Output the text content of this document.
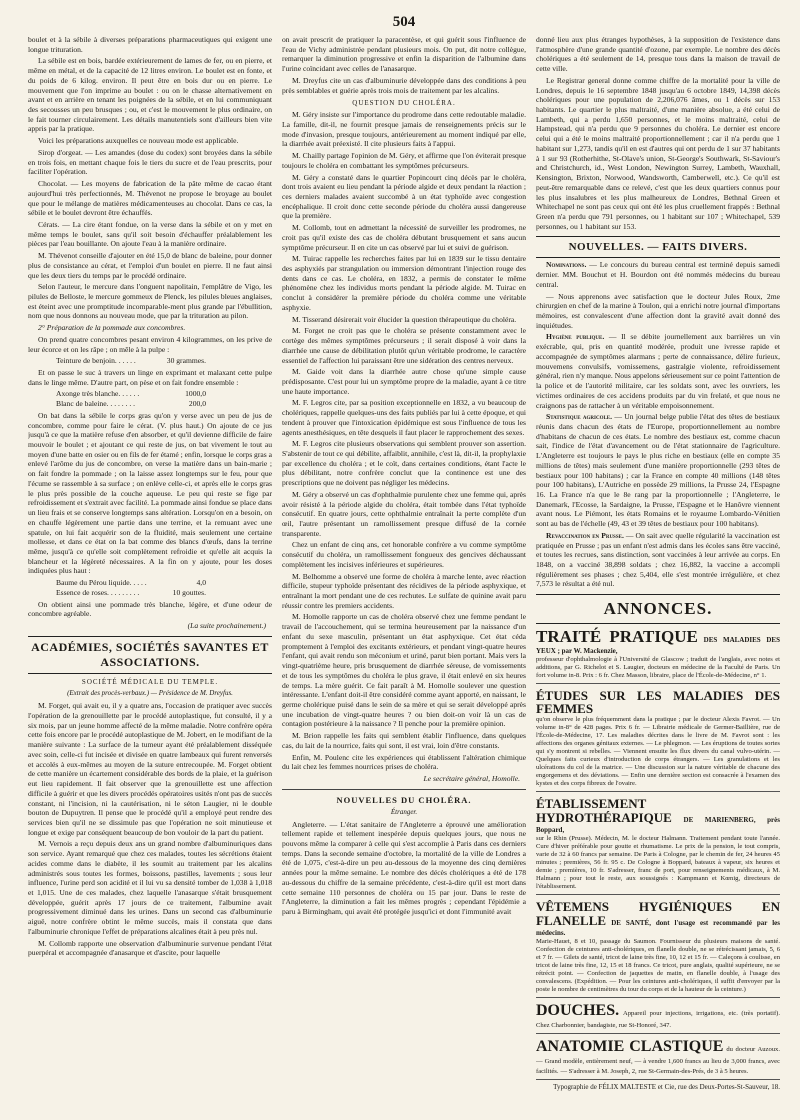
504

boulet et à la sébile à diverses préparations pharmaceutiques qui exigent une longue trituration.

La sébile est en bois, bardée extérieurement de lames de fer, ou en pierre, et même en métal, et de la capacité de 12 litres environ. Le boulet est en fonte, et du poids de 6 kilog. environ. Il peut être en bois dur ou en pierre. Le mouvement que l'on imprime au boulet : ou on le chasse alternativement en avant et en arrière en tenant les poignées de la sébile, et en lui communiquant des secousses un peu brusques ; ou, et c'est le mouvement le plus ordinaire, on le fait tourner circulairement. Les détails manutentiels sont d'ailleurs bien vite appris par la pratique.

Voici les préparations auxquelles ce nouveau mode est applicable.

Sirop d'orgeat. — Les amandes (dose du codex) sont broyées dans la sébile en trois fois, en mettant chaque fois le tiers du sucre et de l'eau prescrits, pour faciliter l'opération.

Chocolat. — Les moyens de fabrication de la pâte même de cacao étant aujourd'hui très perfectionnés, M. Thévenot ne propose le broyage au boulet que pour le mélange de matières médicamenteuses au chocolat. Dans ce cas, la sébile et le boulet devront être échauffés.

Cérats. — La cire étant fondue, on la verse dans la sébile et on y met en même temps le boulet, sans qu'il soit besoin d'échauffer préalablement les pièces par l'eau bouillante. On ajoute l'eau à la manière ordinaire.

M. Thévenot conseille d'ajouter en été 15,0 de blanc de baleine, pour donner plus de consistance au cérat, et l'emploi d'un boulet en pierre. Il ne faut ainsi que les deux tiers du temps par le procédé ordinaire.

Selon l'auteur, le mercure dans l'onguent napolitain, l'emplâtre de Vigo, les pilules de Belloste, le mercure gommeux de Plenck, les pilules bleues anglaises, est éteint avec une promptitude incomparable-ment plus grande par l'ébullition, nom que nous donnons au nouveau mode, que par la trituration au pilon.

2° Préparation de la pommade aux concombres.

On prend quatre concombres pesant environ 4 kilogrammes, on les prive de leur écorce et on les râpe ; on mêle à la pulpe :

Teinture de benjoin. . . . . .	30 grammes.

Et on passe le suc à travers un linge en exprimant et malaxant cette pulpe dans le linge même. D'autre part, on pèse et on fait fondre ensemble :

Axonge très blanche. . . . . .	1000,0
Blanc de baleine. . . . . . . .	200,0

On bat dans la sébile le corps gras qu'on y verse avec un peu de jus de concombre, comme pour faire le cérat. (V. plus haut.) On ajoute de ce jus jusqu'à ce que la matière refuse d'en absorber, et qu'il devienne difficile de faire mouvoir le boulet ; et ajoutant ce qui reste de jus, on bat vivement le tout au moyen d'une batte en osier ou en fils de fer étamé ; enfin, lorsque le corps gras a enlevé l'arôme du jus de concombre, on verse la matière dans un bain-marie ; on fait fondre la pommade ; on la laisse assez longtemps sur le feu, pour que l'écume se rassemble à sa surface ; on enlève celle-ci, et après elle le corps gras le plus près possible de la couche aqueuse. Le peu qui reste se fige par refroidissement et s'extrait avec facilité. La pommade ainsi fondue se place dans un lieu frais et se conserve longtemps sans altération. Lorsqu'on en a besoin, on en chauffe légèrement une partie dans une terrine, et la remuant avec une spatule, on lui fait acquérir son de la fluidité, mais seulement une certaine mollesse, et dans ce état on la bat comme des blancs d'œufs, dans la terrine même, jusqu'à ce qu'elle soit complètement refroidie et qu'elle ait acquis la blancheur et la légèreté nécessaires. A la fin on y ajoute, pour les doses indiquées plus haut :

Baume du Pérou liquide. . . . .	4,0
Essence de roses. . . . . . . . .	10 gouttes.

On obtient ainsi une pommade très blanche, légère, et d'une odeur de concombre agréable.

(La suite prochainement.)
ACADÉMIES, SOCIÉTÉS SAVANTES ET ASSOCIATIONS.
SOCIÉTÉ MÉDICALE DU TEMPLE.
(Extrait des procès-verbaux.) — Présidence de M. Dreyfus.

M. Forget, qui avait eu, il y a quatre ans, l'occasion de pratiquer avec succès l'opération de la grenouillette par le procédé autoplastique, fut consulté, il y a six mois, par un jeune homme affecté de la même maladie. Notre confrère opéra cette fois encore par le procédé autoplastique de M. Jobert, en le modifiant de la manière suivante : La surface de la tumeur ayant été préalablement disséquée avec soin, celle-ci fut incisée et divisée en quatre lambeaux qui furent renversés et accolés à eux-mêmes au moyen de la suture entrecoupée. M. Forget obtient de cette manière un écartement considérable des bords de la plaie, et la guérison eut lieu rapidement. Il fait observer que la grenouillette est une affection difficile à guérir et que les divers procédés opératoires usités n'ont pas de succès constant, ni l'incision, ni la cautérisation, ni le séton Laugier, ni le double bouton de Dupuytren. Il pense que le procédé qu'il a employé peut rendre des services bien qu'il ne se dissimule pas que l'opération ne soit minutieuse et longue et exige par conséquent beaucoup de bon vouloir de la part du patient.

M. Vernois a reçu depuis deux ans un grand nombre d'albuminuriques dans son service. Ayant remarqué que chez ces malades, toutes les sécrétions étaient acides comme dans le diabète, il les soumit au traitement par les alcalins administrés sous toutes les formes, boissons, pastilles, lavements ; sous leur influence, l'urine perd son acidité et il lui vu sa densité tomber de 1,038 à 1,018 et 1,015. Une de ces malades, chez laquelle l'anasarque s'était brusquement développée, guérit après 17 jours de ce traitement, l'albumine avait progressivement diminué dans les urines. Dans un second cas d'albuminurie aiguë, notre confrère obtint le même succès, mais il constata que dans l'albuminurie chronique l'effet de préparations alcalines était à peu près nul.

M. Collomb rapporte une observation d'albuminurie survenue pendant l'état puerpéral et accompagnée d'anasarque et d'ascite, pour laquelle

on avait prescrit de pratiquer la paracentèse, et qui guérit sous l'influence de l'eau de Vichy administrée pendant plusieurs mois. On put, dit notre collègue, remarquer la diminution progressive et enfin la disparition de l'albumine dans l'urine coïncidant avec celles de l'anasarque.

M. Dreyfus cite un cas d'albuminurie développée dans des conditions à peu près semblables et guérie après trois mois de traitement par les alcalins.

QUESTION DU CHOLÉRA.

M. Géry insiste sur l'importance du prodrome dans cette redoutable maladie. La famille, dit-il, ne fournit presque jamais de renseignements précis sur le mode d'invasion, presque toujours, antérieurement au moment indiqué par elle, la diarrhée avait préexisté. Il cite plusieurs faits à l'appui.

M. Chailly partage l'opinion de M. Géry, et affirme que l'on éviterait presque toujours le choléra en combattant les symptômes précurseurs.

M. Géry a constaté dans le quartier Popincourt cinq décès par le choléra, dont trois avaient eu lieu pendant la période algide et deux pendant la réaction ; ces derniers malades avaient succombé à un état typhoïde avec congestion encéphalique. Il croit donc cette seconde période du choléra aussi dangereuse que la première.

M. Collomb, tout en admettant la nécessité de surveiller les prodromes, ne croit pas qu'il existe des cas de choléra débutant brusquement et sans aucun symptôme précurseur. Il en cite un cas observé par lui et suivi de guérison.

M. Tuirac rappelle les recherches faites par lui en 1839 sur le tissu dentaire des asphyxiés par strangulation ou immersion démontrant l'injection rouge des dents dans ce cas. Le choléra, en 1832, a permis de constater le même phénomène chez les individus morts pendant la période algide. M. Tuirac en conclut à considérer la première période du choléra comme une véritable asphyxie.

M. Tisserand désirerait voir élucider la question thérapeutique du choléra.

M. Forget ne croit pas que le choléra se présente constamment avec le cortège des mêmes symptômes précurseurs ; il serait disposé à voir dans la diarrhée une cause de débilitation plutôt qu'un véritable prodrome, le caractère essentiel de l'affection lui paraissant être une sidération des centres nerveux.

M. Gaide voit dans la diarrhée autre chose qu'une simple cause prédisposante. C'est pour lui un symptôme propre de la maladie, ayant à ce titre une haute importance.

M. F. Legros cite, par sa position exceptionnelle en 1832, a vu beaucoup de cholériques, rappelle quelques-uns des faits publiés par lui à cette époque, et qui tendent à prouver que l'intoxication épidémique est sous l'influence de tous les agents anesthésiques, en tête desquels il faut placer le rapprochement des sexes.

M. F. Legros cite plusieurs observations qui semblent prouver son assertion. S'abstenir de tout ce qui débilite, affaiblit, annihile, c'est là, dit-il, la prophylaxie par excellence du choléra ; et le coït, dans certaines conditions, étant l'acte le plus débilitant, notre confrère conclut que la continence est une des prescriptions que ne doivent pas négliger les médecins.

M. Géry a observé un cas d'ophthalmie purulente chez une femme qui, après avoir résisté à la période algide du choléra, était tombée dans l'état typhoïde consécutif. En quatre jours, cette ophthalmie entraînait la perte complète d'un œil, l'autre présentant un ramollissement presque diffusé de la cornée transparente.

Chez un enfant de cinq ans, cet honorable confrère a vu comme symptôme consécutif du choléra, un ramollissement fongueux des gencives déchaussant complètement les incisives inférieures et supérieures.

M. Belhomme a observé une forme de choléra à marche lente, avec réaction difficile, stupeur typhoïde présentant des récidives de la période asphyxique, et entraînant la mort pendant une de ces rechutes. Le sulfate de quinine avait paru réussir contre les premiers accidents.

M. Homolle rapporte un cas de choléra observé chez une femme pendant le travail de l'accouchement, qui se termina heureusement par la naissance d'un enfant du sexe masculin, présentant un état asphyxique. Cet état céda promptement à l'emploi des excitants extérieurs, et pendant vingt-quatre heures l'enfant, qui avait rendu son méconium et uriné, parut bien portant. Mais vers la vingt-quatrième heure, pris brusquement de diarrhée séreuse, de vomissements et de tous les symptômes du choléra le plus grave, il était enlevé en six heures de temps. La mère guérit. Ce fait paraît à M. Homolle soulever une question intéressante. L'enfant doit-il être considéré comme ayant apporté, en naissant, le germe cholérique puisé dans le sein de sa mère et qui se serait développé après une incubation de vingt-quatre heures ? ou bien doit-on voir là un cas de contagion postérieure à la naissance ? Il penche pour la première opinion.

M. Brion rappelle les faits qui semblent établir l'influence, dans quelques cas, du lait de la nourrice, faits qui sont, il est vrai, loin d'être constants.

Enfin, M. Poulenc cite les expériences qui établissent l'altération chimique du lait chez les femmes nourrices prises de choléra.

Le secrétaire général, Homolle.
NOUVELLES DU CHOLÉRA.
Étranger.

Angleterre. — L'état sanitaire de l'Angleterre a éprouvé une amélioration tellement rapide et tellement inespérée depuis quelques jours, que nous ne pouvons même la comparer à celle qui s'est accomplie à Paris dans ces derniers temps. Dans la seconde semaine d'octobre, la mortalité de la ville de Londres a été de 1,075, c'est-à-dire un peu au-dessous de la moyenne des cinq dernières années pour la même semaine. Le nombre des décès cholériques a été de 178 au-dessous du chiffre de la semaine précédente, c'est-à-dire qu'il est mort dans cette semaine 110 personnes de choléra ou 15 par jour. Dans le reste de l'Angleterre, la diminution a fait les mêmes progrès ; cependant l'épidémie a paru à Birmingham, qui avait été protégée jusqu'ici et dont l'immunité avait

donné lieu aux plus étranges hypothèses, à la supposition de l'existence dans l'atmosphère d'une grande quantité d'ozone, par exemple. Le nombre des décès cholériques a été seulement de 14, presque tous dans la maison de travail de cette ville.

Le Registrar general donne comme chiffre de la mortalité pour la ville de Londres, depuis le 16 septembre 1848 jusqu'au 6 octobre 1849, 14,398 décès cholériques pour une population de 2,206,076 âmes, ou 1 décès sur 153 habitants. Le quartier le plus maltraité, d'une manière absolue, a été celui de Lambeth, qui a perdu 1,650 personnes, et le moins maltraité, celui de Hampstead, qui n'a perdu que 9 personnes du choléra. Le dernier est encore celui qui a été le moins maltraité proportionnellement ; car il n'a perdu que 1 habitant sur 1,273, tandis qu'il en est d'autres qui ont perdu de 1 sur 37 habitants à 1 sur 93 (Rotherhithe, St-Olave's union, St-George's Southwark, St-Saviour's and Christchurch, id., West London, Newington Surrey, Lambeth, Wauxhall, Kensington, Brixton, Norwood, Wandsworth, Camberwell, etc.). Ce qu'il est peut-être remarquable dans ce relevé, c'est que les deux quartiers connus pour les plus insalubres et les plus malheureux de Londres, Bethnal Green et Whitechapel ne sont pas ceux qui ont été les plus cruellement frappés : Bethnal Green n'a perdu que 791 personnes, ou 1 habitant sur 107 ; Whitechapel, 539 personnes, ou 1 habitant sur 153.

NOUVELLES. — FAITS DIVERS.

Nominations. — Le concours du bureau central est terminé depuis samedi dernier. MM. Bouchut et H. Bourdon ont été nommés médecins du bureau central.

— Nous apprenons avec satisfaction que le docteur Jules Roux, 2me chirurgien en chef de la marine à Toulon, qui a enrichi notre journal d'importans mémoires, est convalescent d'une affection dont la gravité avait donné des inquiétudes.

Hygiène publique. — Il se débite journellement aux barrières un vin exécrable, qui, pris en quantité modérée, produit une ivresse rapide et accompagnée de symptômes alarmans ; perte de connaissance, délire furieux, mouvemens convulsifs, vomissemens, gastralgie violente, refroidissement général, rien n'y manque. Nous appelons sérieusement sur ce point l'attention de la police et de l'autorité militaire, car les soldats sont, avec les ouvriers, les victimes ordinaires de ces accidens produits par du vin frelaté, et que nous ne craignons pas de rattacher à un véritable empoisonnement.

Statistique agricole. — Un journal belge publie l'état des têtes de bestiaux réunis dans chacun des états de l'Europe, proportionnellement au nombre d'habitans de chacun de ces états. Le nombre des bestiaux est, comme chacun sait, l'indice de l'état d'avancement ou de l'état stationnaire de l'agriculture. L'Angleterre est toujours le pays le plus riche en bestiaux (elle en compte 35 millions de têtes) mais seulement d'une manière proportionnelle (293 têtes de bestiaux pour 100 habitans) ; car la France en compte 40 millions (148 têtes pour 100 habitans), L'Autriche en possède 29 millions, la Prusse 24, l'Espagne 16. La France n'a que le 8e rang par la proportionnelle ; l'Angleterre, le Danemark, l'Ecosse, la Sardaigne, la Prusse, l'Espagne et le Hanôvre viennent avant nous. Le Piémont, les états Romains et le royaume Lombardo-Vénitien sont au bas de l'échelle (49, 43 et 39 têtes de bestiaux pour 100 habitans).

Revaccination en Prusse. — On sait avec quelle régularité la vaccination est pratiquée en Prusse ; pas un enfant n'est admis dans les écoles sans être vacciné, et toutes les recrues, sans distinction, sont vaccinées à leur arrivée au corps. En 1848, on a vacciné 38,898 soldats ; chez 16,882, la vaccine a accompli régulièrement ses phases ; chez 5,404, elle s'est montrée irrégulière, et chez 7,573 le résultat a été nul.

ANNONCES.
TRAITÉ PRATIQUE DES MALADIES DES YEUX ; par W. Mackenzie,
professeur d'ophthalmologie à l'Université de Glascow ; traduit de l'anglais, avec notes et additions, par G. Richelot et S. Laugier, docteurs en médecine de la Faculté de Paris. Un fort volume in-8. Prix : 6 fr. Chez Masson, libraire, place de l'École-de-Médecine, n° 1.
ÉTUDES SUR LES MALADIES DES FEMMES
qu'on observe le plus fréquemment dans la pratique ; par le docteur Alexis Favrot. — Un volume in-8° de 428 pages. Prix 6 fr. — Librairie médicale de Germer-Baillière, rue de l'École-de-Médecine, 17. Les maladies décrites dans le livre de M. Favrot sont : les affections des organes génitaux externes. — Le phlegmon. — Les éruptions de toutes sortes qui s'y montrent si rebelles. — Viennent ensuite les flux divers du canal vulvo-utérin. — Quelques faits curieux d'introduction de corps étrangers. — Les granulations et les ulcérations du col de la matrice. — Une discussion sur la nature véritable de chacune des engorgemens et des déviations. — Enfin une dernière section est consacrée à l'examen des kystes et des corps fibreux de l'ovaire.
ÉTABLISSEMENT HYDROTHÉRAPIQUE DE MARIENBERG, près Boppard,
sur le Rhin (Prusse). Médecin, M. le docteur Halmann. Traitement pendant toute l'année. Cure d'hiver préférable pour goutte et rhumatisme. Le prix de la pension, le tout compris, varie de 32 à 60 francs par semaine. De Paris à Cologne, par le chemin de fer, 24 heures 45 minutes ; premières, 56 fr. 95 c. De Cologne à Boppard, bateaux à vapeur, six heures et demie ; premières, 10 fr. S'adresser, franc de port, pour renseignements médicaux, à M. Halmann ; pour tout le reste, aux soussignés : Kampmann et Kœnig, directeurs de l'établissement.
VÊTEMENS HYGIÉNIQUES EN FLANELLE DE SANTÉ, dont l'usage est recommandé par les médecins.
Marie-Hauet, 8 et 10, passage du Saumon. Fournisseur du plusieurs maisons de santé. Confection de ceintures anti-cholériques, en flanelle double, ne se rétrécissant jamais, 5, 6 et 7 fr. — Gilets de santé, tricot de laine très fine, 10, 12 et 15 fr. — Caleçons à coulisse, en tricot de laine très fine, 12, 15 et 18 francs. Ce tricot, pure anglais, qualité supérieure, ne se rétrécit point. — Confection de jaquettes de matin, en flanelle double, à l'usage des convalescens. (Expédition. — Pour les ceintures anti-cholériques, il suffit d'envoyer par la poste le nombre de centimètres du tour du corps et de la hauteur de la ceinture.)
DOUCHES. Appareil pour injections, irrigations, etc. (très portatif). Chez Charbonnier, bandagiste, rue St-Honoré, 347.
ANATOMIE CLASTIQUE du docteur Auzoux. — Grand modèle, entièrement neuf, — à vendre 1,600 francs au lieu de 3,000 francs, avec facilités. — S'adresser à M. Joseph, 2, rue St-Germain-des-Prés, de 3 à 5 heures.
Typographie de FÉLIX MALTESTE et Cie, rue des Deux-Portes-St-Sauveur, 18.
